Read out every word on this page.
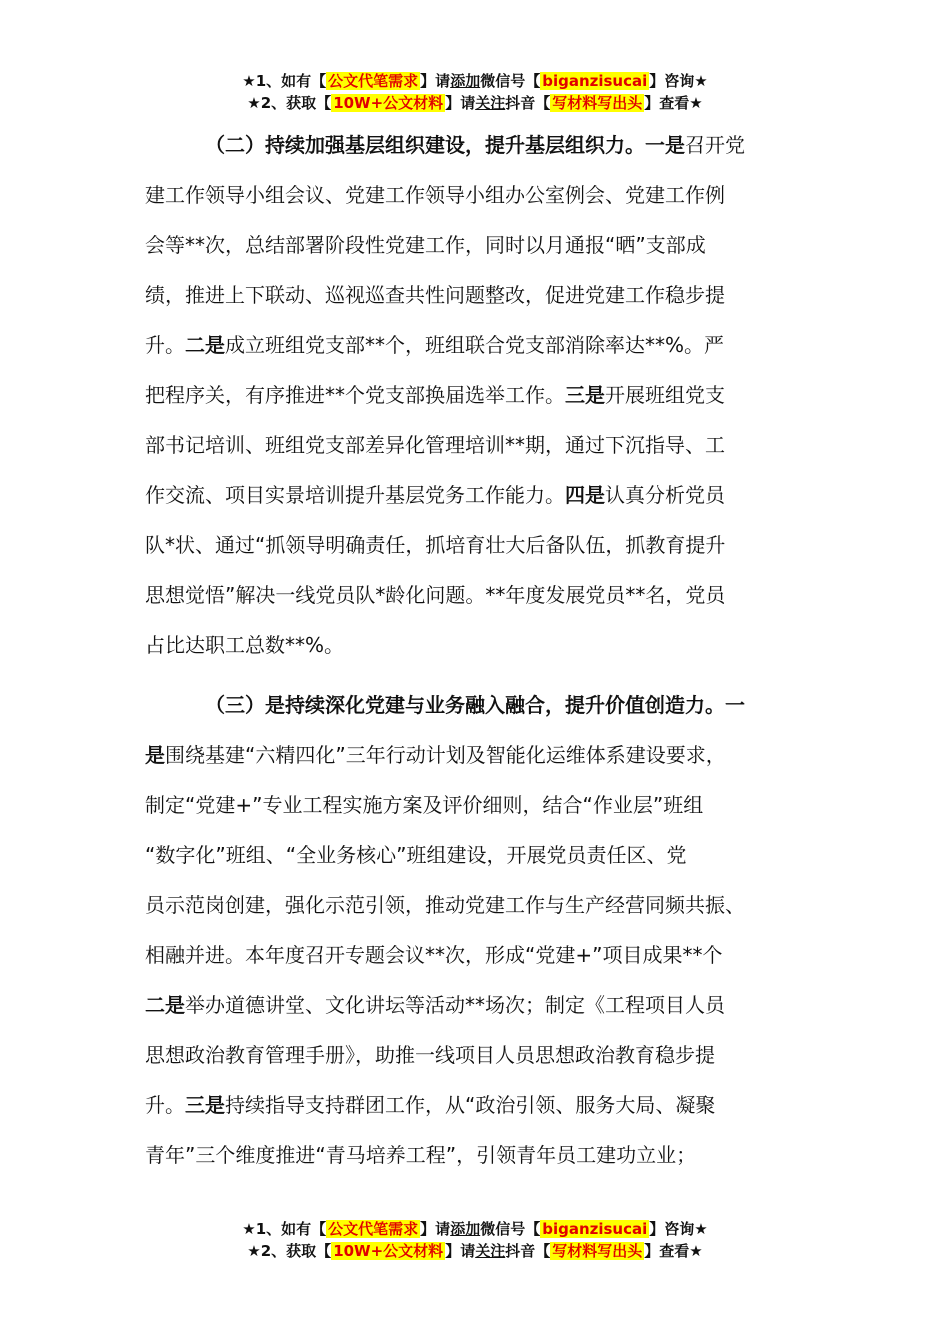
★1、如有【 公文代笔需求 】请添加微信号【 biganzisucai 】咨询★
★2、获取【 10W+公文材料 】请关注抖音【 写材料写出头 】查看★

（二）持续加强基层组织建设，提升基层组织力。一是召开党
建工作领导小组会议、党建工作领导小组办公室例会、党建工作例
会等**次，总结部署阶段性党建工作，同时以月通报“晒”支部成
绩，推进上下联动、巡视巡查共性问题整改，促进党建工作稳步提
升。二是成立班组党支部**个，班组联合党支部消除率达**%。严
把程序关，有序推进**个党支部换届选举工作。三是开展班组党支
部书记培训、班组党支部差异化管理培训**期，通过下沉指导、工
作交流、项目实景培训提升基层党务工作能力。四是认真分析党员
队*状、通过“抓领导明确责任，抓培育壮大后备队伍，抓教育提升
思想觉悟”解决一线党员队*龄化问题。**年度发展党员**名，党员
占比达职工总数**%。

（三）是持续深化党建与业务融入融合，提升价值创造力。一
是围绕基建“六精四化”三年行动计划及智能化运维体系建设要求，
制定“党建+”专业工程实施方案及评价细则，结合“作业层”班组
“数字化”班组、“全业务核心”班组建设，开展党员责任区、党
员示范岗创建，强化示范引领，推动党建工作与生产经营同频共振、
相融并进。本年度召开专题会议**次，形成“党建+”项目成果**个
二是举办道德讲堂、文化讲坛等活动**场次；制定《工程项目人员
思想政治教育管理手册》，助推一线项目人员思想政治教育稳步提
升。三是持续指导支持群团工作，从“政治引领、服务大局、凝聚
青年”三个维度推进“青马培养工程”，引领青年员工建功立业；

★1、如有【 公文代笔需求 】请添加微信号【 biganzisucai 】咨询★
★2、获取【 10W+公文材料 】请关注抖音【 写材料写出头 】查看★
